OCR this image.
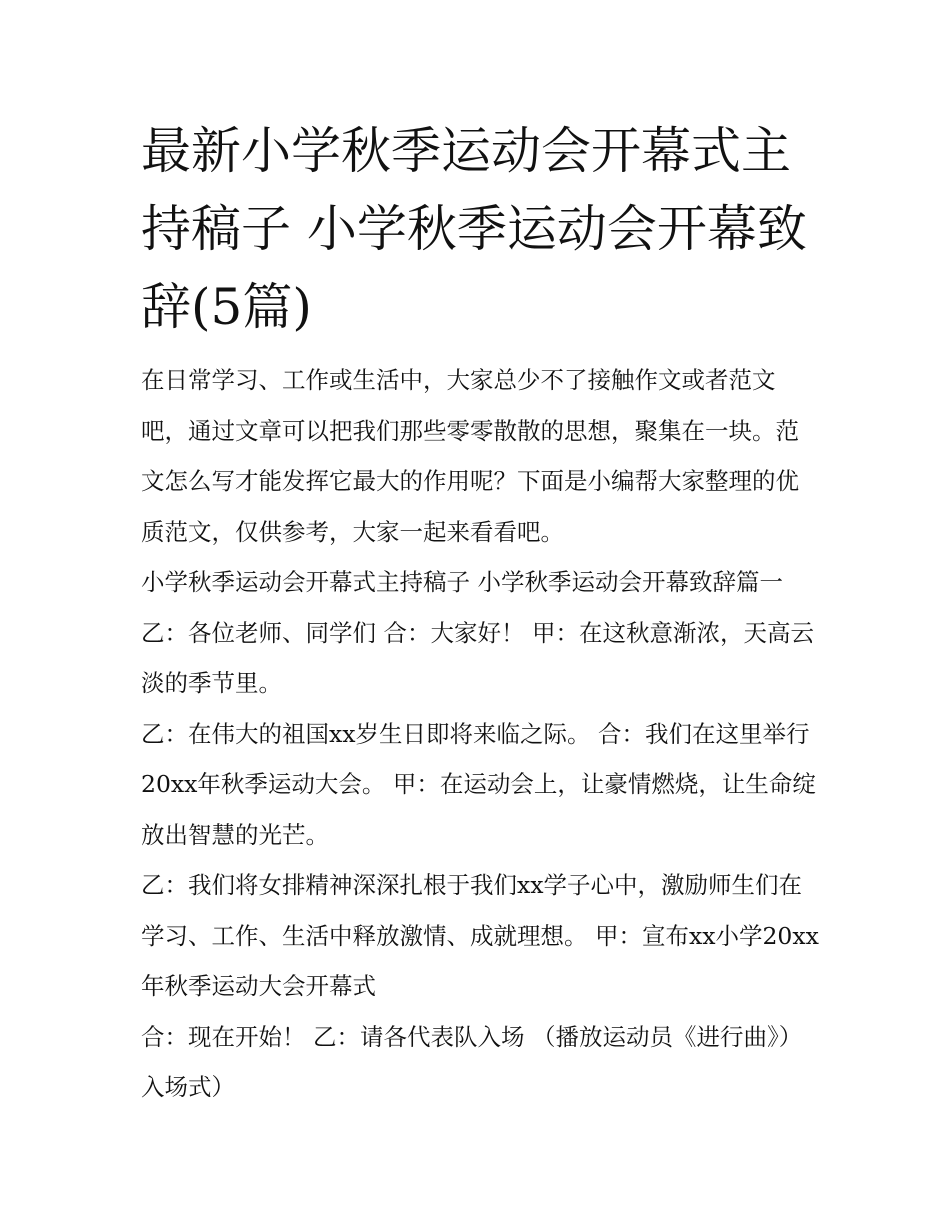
最新小学秋季运动会开幕式主持稿子 小学秋季运动会开幕致辞(5篇)

在日常学习、工作或生活中，大家总少不了接触作文或者范文吧，通过文章可以把我们那些零零散散的思想，聚集在一块。范文怎么写才能发挥它最大的作用呢？下面是小编帮大家整理的优质范文，仅供参考，大家一起来看看吧。

小学秋季运动会开幕式主持稿子 小学秋季运动会开幕致辞篇一 乙：各位老师、同学们 合：大家好！ 甲：在这秋意渐浓，天高云淡的季节里。

乙：在伟大的祖国xx岁生日即将来临之际。 合：我们在这里举行20xx年秋季运动大会。 甲：在运动会上，让豪情燃烧，让生命绽放出智慧的光芒。

乙：我们将女排精神深深扎根于我们xx学子心中，激励师生们在学习、工作、生活中释放激情、成就理想。 甲：宣布xx小学20xx年秋季运动大会开幕式

合：现在开始！ 乙：请各代表队入场 （播放运动员《进行曲》）入场式）
